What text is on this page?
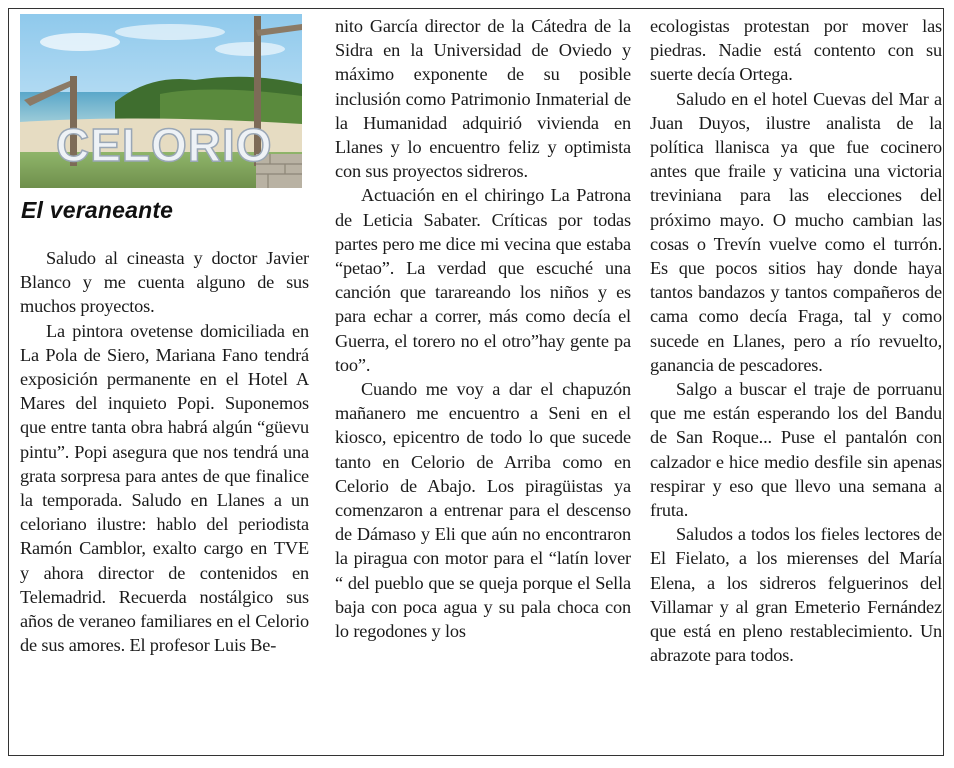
CELORIO
El veraneante

Saludo al cineasta y doctor Javier Blanco y me cuenta alguno de sus muchos proyectos.

La pintora ovetense domiciliada en La Pola de Siero, Mariana Fano tendrá exposición permanente en el Hotel A Mares del inquieto Popi. Suponemos que entre tanta obra habrá algún “güevu pintu”. Popi asegura que nos tendrá una grata sorpresa para antes de que finalice la temporada. Saludo en Llanes a un celoriano ilustre: hablo del periodista Ramón Camblor, exalto cargo en TVE y ahora director de contenidos en Telemadrid. Recuerda nostálgico sus años de veraneo familiares en el Celorio de sus amores. El profesor Luis Be-

nito García director de la Cátedra de la Sidra en la Universidad de Oviedo y máximo exponente de su posible inclusión como Patrimonio Inmaterial de la Humanidad adquirió vivienda en Llanes y lo encuentro feliz y optimista con sus proyectos sidreros.

Actuación en el chiringo La Patrona de Leticia Sabater. Críticas por todas partes pero me dice mi vecina que estaba “petao”. La verdad que escuché una canción que tarareando los niños y es para echar a correr, más como decía el Guerra, el torero no el otro”hay gente pa too”.

Cuando me voy a dar el chapuzón mañanero me encuentro a Seni en el kiosco, epicentro de todo lo que sucede tanto en Celorio de Arriba como en Celorio de Abajo. Los piragüistas ya comenzaron a entrenar para el descenso de Dámaso y Eli que aún no encontraron la piragua con motor para el “latín lover “ del pueblo que se queja porque el Sella baja con poca agua y su pala choca con lo regodones y los

ecologistas protestan por mover las piedras. Nadie está contento con su suerte decía Ortega.

Saludo en el hotel Cuevas del Mar a Juan Duyos, ilustre analista de la política llanisca ya que fue cocinero antes que fraile y vaticina una victoria treviniana para las elecciones del próximo mayo. O mucho cambian las cosas o Trevín vuelve como el turrón. Es que pocos sitios hay donde haya tantos bandazos y tantos compañeros de cama como decía Fraga, tal y como sucede en Llanes, pero a río revuelto, ganancia de pescadores.

Salgo a buscar el traje de porruanu que me están esperando los del Bandu de San Roque... Puse el pantalón con calzador e hice medio desfile sin apenas respirar y eso que llevo una semana a fruta.

Saludos a todos los fieles lectores de El Fielato, a los mierenses del María Elena, a los sidreros felguerinos del Villamar y al gran Emeterio Fernández que está en pleno restablecimiento. Un abrazote para todos.
